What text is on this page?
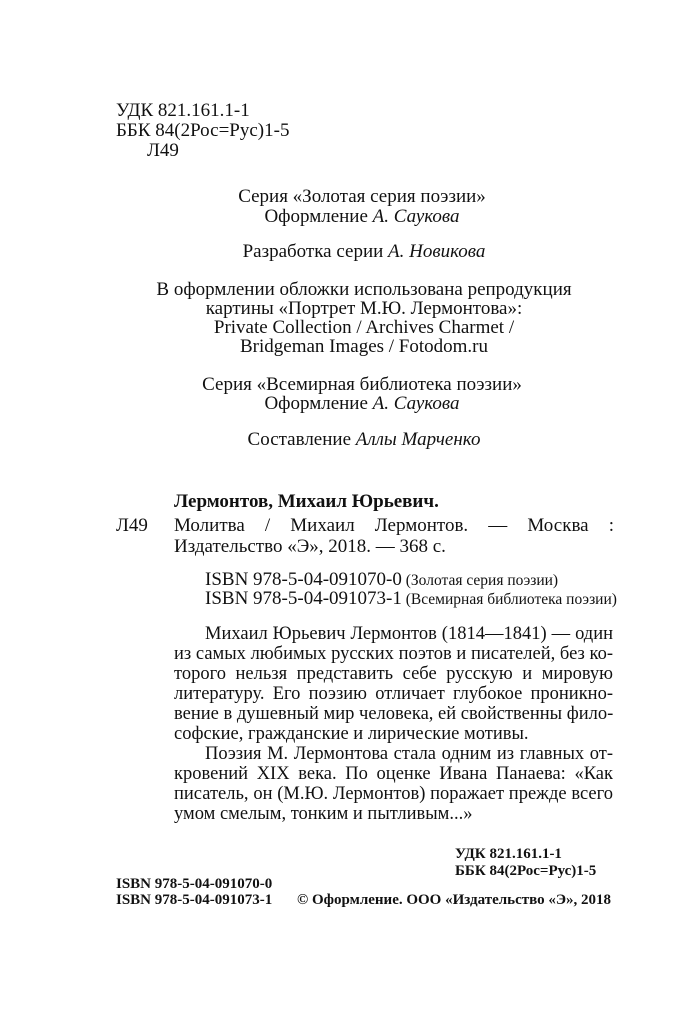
УДК 821.161.1-1
ББК 84(2Рос=Рус)1-5
Л49
Серия «Золотая серия поэзии»
Оформление А. Саукова
Разработка серии А. Новикова
В оформлении обложки использована репродукция
картины «Портрет М.Ю. Лермонтова»:
Private Collection / Archives Charmet /
Bridgeman Images / Fotodom.ru
Серия «Всемирная библиотека поэзии»
Оформление А. Саукова
Составление Аллы Марченко
Лермонтов, Михаил Юрьевич.
Л49 Молитва / Михаил Лермонтов. — Москва :
Издательство «Э», 2018. — 368 с.
ISBN 978-5-04-091070-0 (Золотая серия поэзии)
ISBN 978-5-04-091073-1 (Всемирная библиотека поэзии)
Михаил Юрьевич Лермонтов (1814—1841) — один
из самых любимых русских поэтов и писателей, без ко-
торого нельзя представить себе русскую и мировую
литературу. Его поэзию отличает глубокое проникно-
вение в душевный мир человека, ей свойственны фило-
софские, гражданские и лирические мотивы.
Поэзия М. Лермонтова стала одним из главных от-
кровений XIX века. По оценке Ивана Панаева: «Как
писатель, он (М.Ю. Лермонтов) поражает прежде всего
умом смелым, тонким и пытливым...»
УДК 821.161.1-1
ББК 84(2Рос=Рус)1-5
ISBN 978-5-04-091070-0
ISBN 978-5-04-091073-1 © Оформление. ООО «Издательство «Э», 2018
